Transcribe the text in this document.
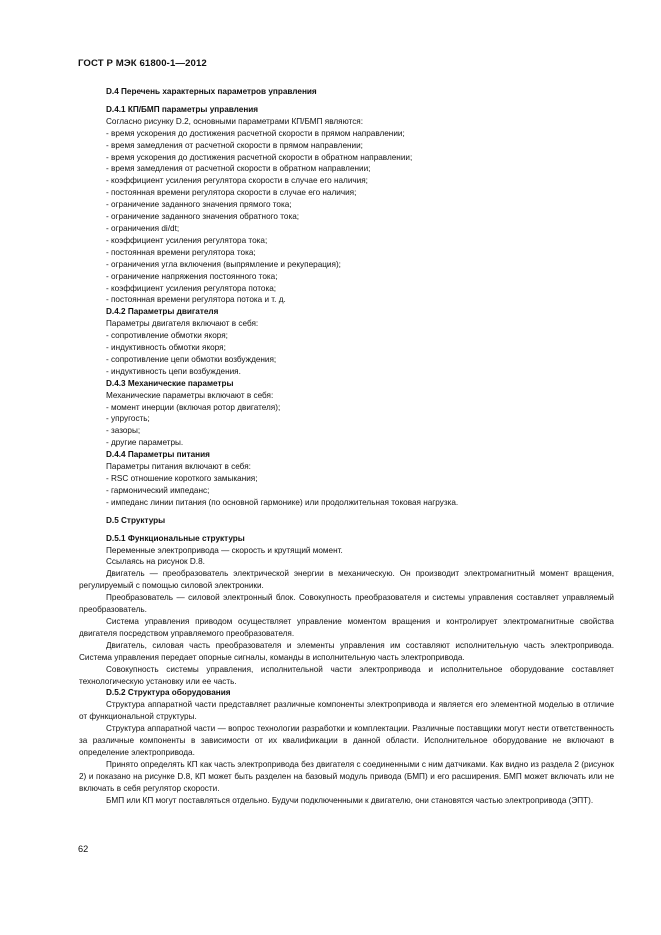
ГОСТ Р МЭК 61800-1—2012
D.4 Перечень характерных параметров управления
D.4.1 КП/БМП параметры управления
Согласно рисунку D.2, основными параметрами КП/БМП являются:
- время ускорения до достижения расчетной скорости в прямом направлении;
- время замедления от расчетной скорости в прямом направлении;
- время ускорения до достижения расчетной скорости в обратном направлении;
- время замедления от расчетной скорости в обратном направлении;
- коэффициент усиления регулятора скорости в случае его наличия;
- постоянная времени регулятора скорости в случае его наличия;
- ограничение заданного значения прямого тока;
- ограничение заданного значения обратного тока;
- ограничения di/dt;
- коэффициент усиления регулятора тока;
- постоянная времени регулятора тока;
- ограничения угла включения (выпрямление и рекуперация);
- ограничение напряжения постоянного тока;
- коэффициент усиления регулятора потока;
- постоянная времени регулятора потока и т. д.
D.4.2 Параметры двигателя
Параметры двигателя включают в себя:
- сопротивление обмотки якоря;
- индуктивность обмотки якоря;
- сопротивление цепи обмотки возбуждения;
- индуктивность цепи возбуждения.
D.4.3 Механические параметры
Механические параметры включают в себя:
- момент инерции (включая ротор двигателя);
- упругость;
- зазоры;
- другие параметры.
D.4.4 Параметры питания
Параметры питания включают в себя:
- RSC отношение короткого замыкания;
- гармонический импеданс;
- импеданс линии питания (по основной гармонике) или продолжительная токовая нагрузка.
D.5 Структуры
D.5.1 Функциональные структуры
Переменные электропривода — скорость и крутящий момент.
Ссылаясь на рисунок D.8.
Двигатель — преобразователь электрической энергии в механическую. Он производит электромагнитный момент вращения, регулируемый с помощью силовой электроники.
Преобразователь — силовой электронный блок. Совокупность преобразователя и системы управления составляет управляемый преобразователь.
Система управления приводом осуществляет управление моментом вращения и контролирует электромагнитные свойства двигателя посредством управляемого преобразователя.
Двигатель, силовая часть преобразователя и элементы управления им составляют исполнительную часть электропривода. Система управления передает опорные сигналы, команды в исполнительную часть электропривода.
Совокупность системы управления, исполнительной части электропривода и исполнительное оборудование составляет технологическую установку или ее часть.
D.5.2 Структура оборудования
Структура аппаратной части представляет различные компоненты электропривода и является его элементной моделью в отличие от функциональной структуры.
Структура аппаратной части — вопрос технологии разработки и комплектации. Различные поставщики могут нести ответственность за различные компоненты в зависимости от их квалификации в данной области. Исполнительное оборудование не включают в определение электропривода.
Принято определять КП как часть электропривода без двигателя с соединенными с ним датчиками. Как видно из раздела 2 (рисунок 2) и показано на рисунке D.8, КП может быть разделен на базовый модуль привода (БМП) и его расширения. БМП может включать или не включать в себя регулятор скорости.
БМП или КП могут поставляться отдельно. Будучи подключенными к двигателю, они становятся частью электропривода (ЭПТ).
62
